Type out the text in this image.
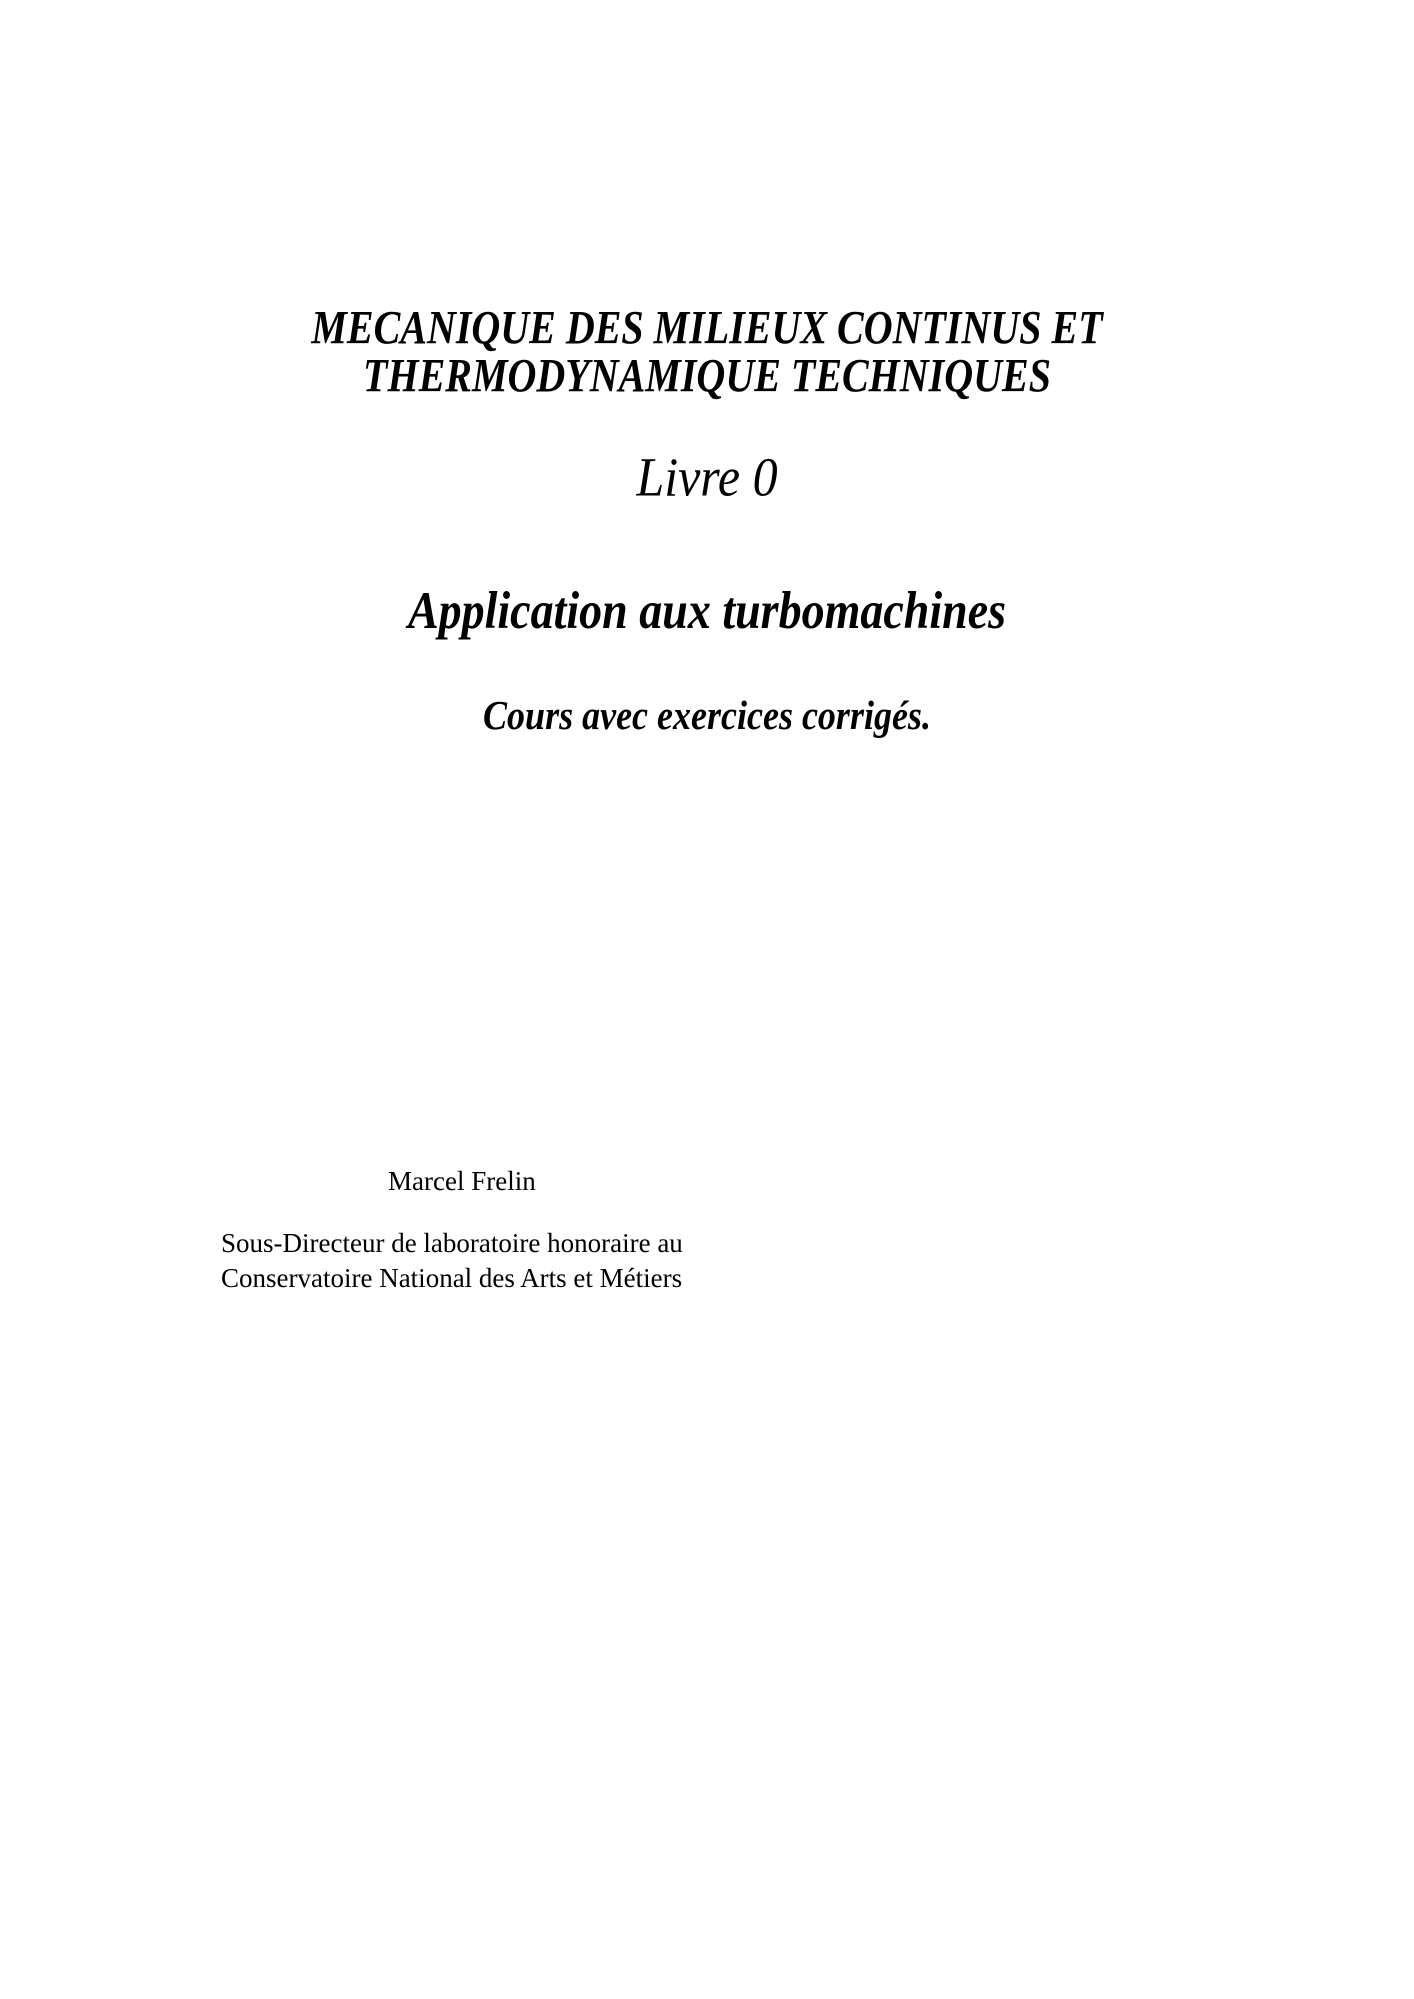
MECANIQUE DES MILIEUX CONTINUS ET
THERMODYNAMIQUE TECHNIQUES
Livre 0
Application aux turbomachines
Cours avec exercices corrigés.
Marcel Frelin
Sous-Directeur de laboratoire honoraire au
Conservatoire National des Arts et Métiers
